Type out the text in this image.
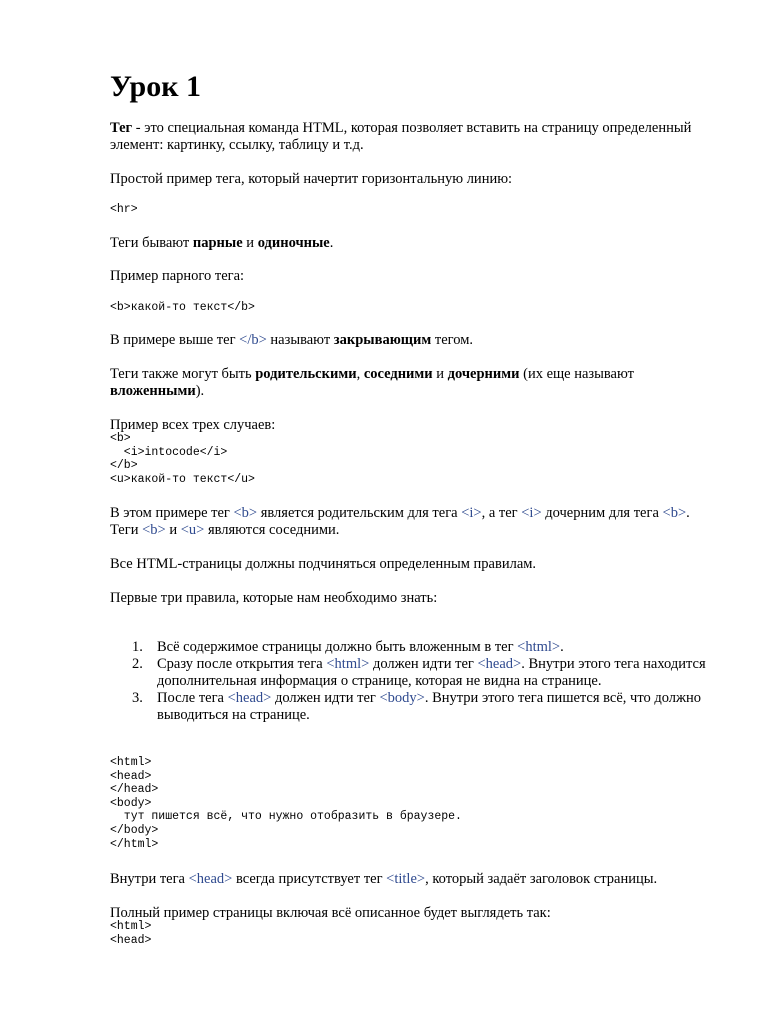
Урок 1

Тег - это специальная команда HTML, которая позволяет вставить на страницу определенный элемент: картинку, ссылку, таблицу и т.д.

Простой пример тега, который начертит горизонтальную линию:

<hr>

Теги бывают парные и одиночные.

Пример парного тега:

<b>какой-то текст</b>

В примере выше тег </b> называют закрывающим тегом.

Теги также могут быть родительскими, соседними и дочерними (их еще называют вложенными).

Пример всех трех случаев:

<b>
<i>intocode</i>
</b>
<u>какой-то текст</u>

В этом примере тег <b> является родительским для тега <i>, а тег <i> дочерним для тега <b>. Теги <b> и <u> являются соседними.

Все HTML-страницы должны подчиняться определенным правилам.

Первые три правила, которые нам необходимо знать:

1. Всё содержимое страницы должно быть вложенным в тег <html>.
2. Сразу после открытия тега <html> должен идти тег <head>. Внутри этого тега находится дополнительная информация о странице, которая не видна на странице.
3. После тега <head> должен идти тег <body>. Внутри этого тега пишется всё, что должно выводиться на странице.
<html>
<head>
</head>
<body>
тут пишется всё, что нужно отобразить в браузере.
</body>
</html>

Внутри тега <head> всегда присутствует тег <title>, который задаёт заголовок страницы.

Полный пример страницы включая всё описанное будет выглядеть так:

<html>
<head>
